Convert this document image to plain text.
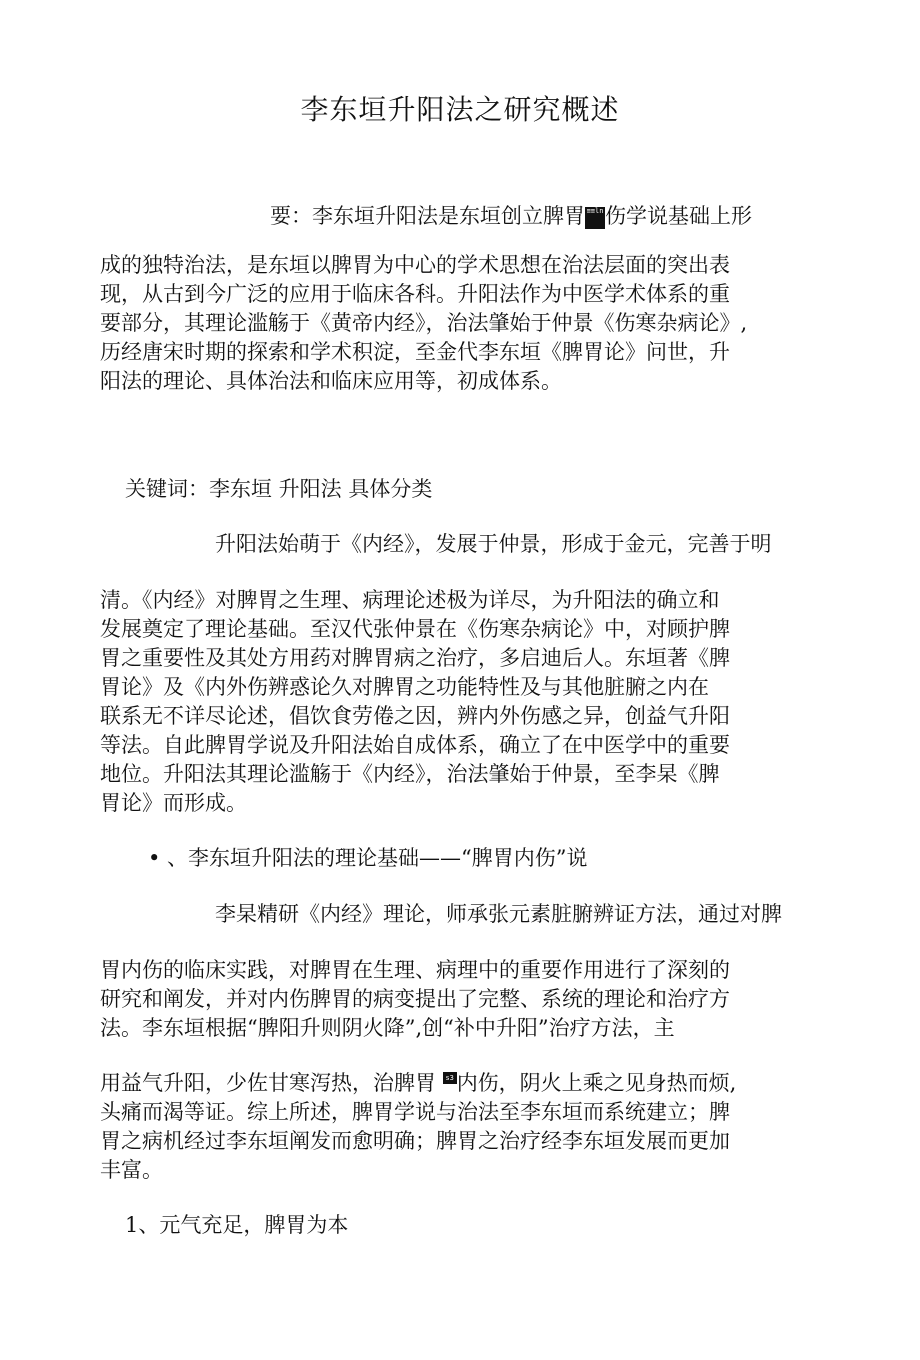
李东垣升阳法之研究概述
要：李东垣升阳法是东垣创立脾胃 ≡≡ln伤学说基础上形
成的独特治法，是东垣以脾胃为中心的学术思想在治法层面的突出表
现，从古到今广泛的应用于临床各科。升阳法作为中医学术体系的重
要部分，其理论滥觞于《黄帝内经》，治法肇始于仲景《伤寒杂病论》,
历经唐宋时期的探索和学术积淀，至金代李东垣《脾胃论》问世，升
阳法的理论、具体治法和临床应用等，初成体系。
关键词：李东垣 升阳法 具体分类
升阳法始萌于《内经》，发展于仲景，形成于金元，完善于明
清。《内经》对脾胃之生理、病理论述极为详尽，为升阳法的确立和
发展奠定了理论基础。至汉代张仲景在《伤寒杂病论》中，对顾护脾
胃之重要性及其处方用药对脾胃病之治疗，多启迪后人。东垣著《脾
胃论》及《内外伤辨惑论久对脾胃之功能特性及与其他脏腑之内在
联系无不详尽论述，倡饮食劳倦之因，辨内外伤感之异，创益气升阳
等法。自此脾胃学说及升阳法始自成体系，确立了在中医学中的重要
地位。升阳法其理论滥觞于《内经》，治法肇始于仲景，至李杲《脾
胃论》而形成。
• 、李东垣升阳法的理论基础——“脾胃内伤”说
李杲精研《内经》理论，师承张元素脏腑辨证方法，通过对脾
胃内伤的临床实践，对脾胃在生理、病理中的重要作用进行了深刻的
研究和阐发，并对内伤脾胃的病变提出了完整、系统的理论和治疗方
法。李东垣根据“脾阳升则阴火降”,创“补中升阳”治疗方法，主
用益气升阳，少佐甘寒泻热，治脾胃 s3 内伤，阴火上乘之见身热而烦,
头痛而渴等证。综上所述，脾胃学说与治法至李东垣而系统建立；脾
胃之病机经过李东垣阐发而愈明确；脾胃之治疗经李东垣发展而更加
丰富。
1、元气充足，脾胃为本
